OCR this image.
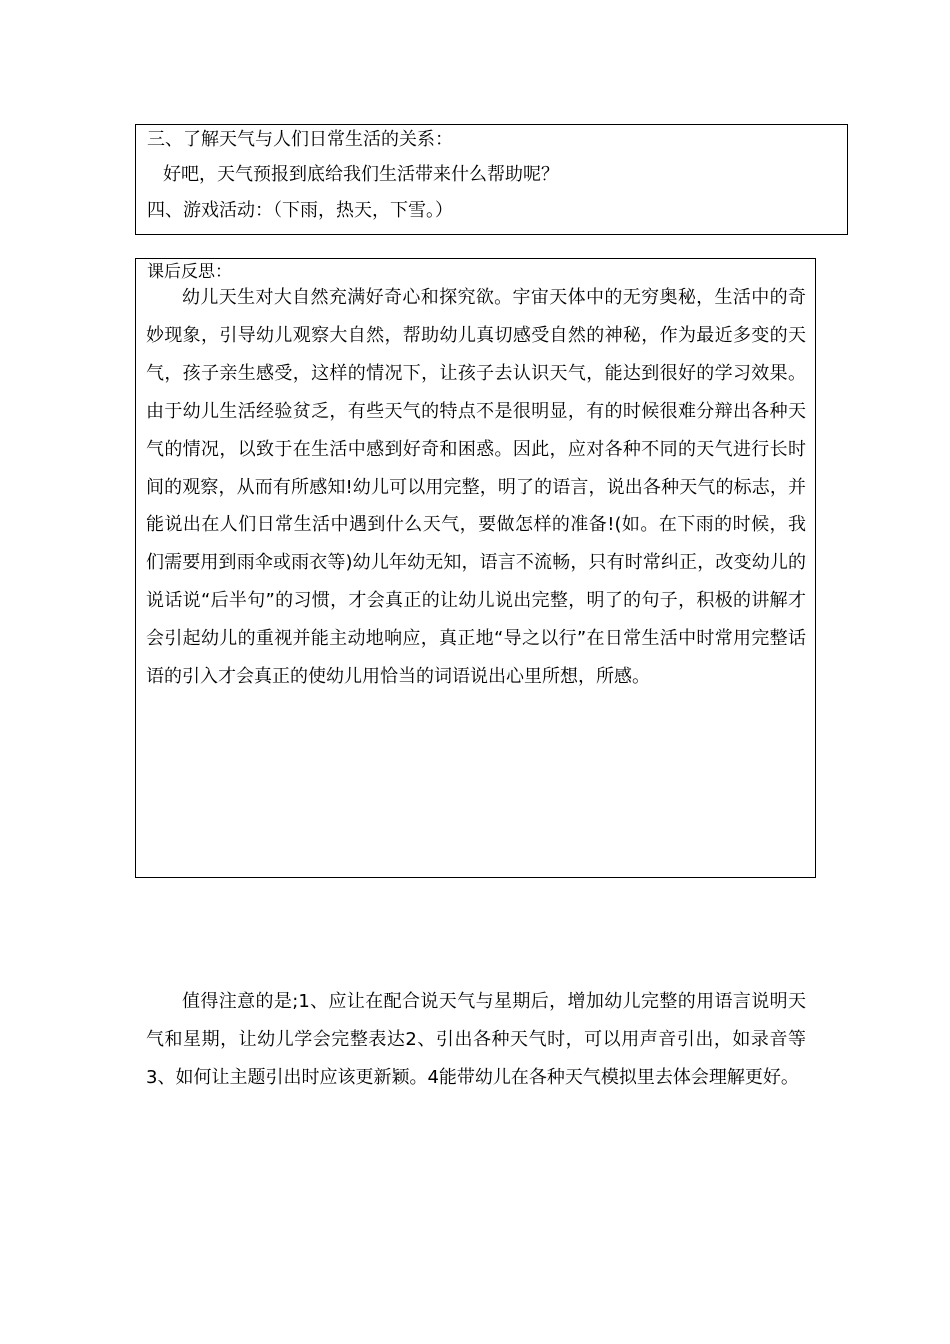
三、了解天气与人们日常生活的关系：
好吧，天气预报到底给我们生活带来什么帮助呢？
四、游戏活动：（下雨，热天，下雪。）
课后反思：

幼儿天生对大自然充满好奇心和探究欲。宇宙天体中的无穷奥秘，生活中的奇妙现象，引导幼儿观察大自然，帮助幼儿真切感受自然的神秘，作为最近多变的天气，孩子亲生感受，这样的情况下，让孩子去认识天气，能达到很好的学习效果。由于幼儿生活经验贫乏，有些天气的特点不是很明显，有的时候很难分辩出各种天气的情况，以致于在生活中感到好奇和困惑。因此，应对各种不同的天气进行长时间的观察，从而有所感知!幼儿可以用完整，明了的语言，说出各种天气的标志，并能说出在人们日常生活中遇到什么天气，要做怎样的准备!(如。在下雨的时候，我们需要用到雨伞或雨衣等)幼儿年幼无知，语言不流畅，只有时常纠正，改变幼儿的说话说“后半句”的习惯，才会真正的让幼儿说出完整，明了的句子，积极的讲解才会引起幼儿的重视并能主动地响应，真正地“导之以行”在日常生活中时常用完整话语的引入才会真正的使幼儿用恰当的词语说出心里所想，所感。

值得注意的是;1、应让在配合说天气与星期后，增加幼儿完整的用语言说明天气和星期，让幼儿学会完整表达2、引出各种天气时，可以用声音引出，如录音等3、如何让主题引出时应该更新颖。4能带幼儿在各种天气模拟里去体会理解更好。
